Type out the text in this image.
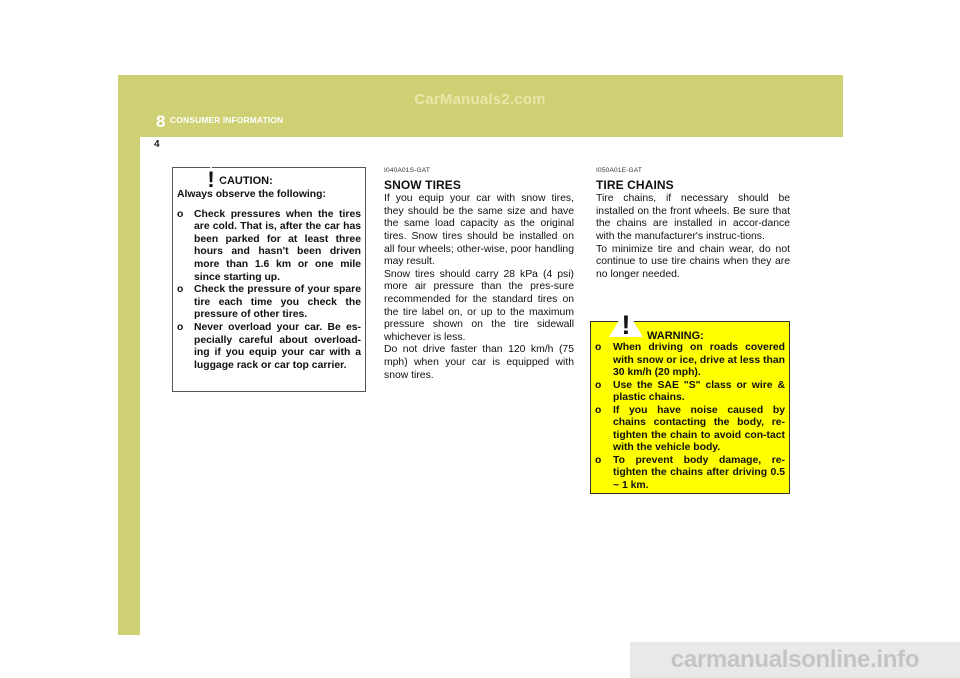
CarManuals2.com
8 CONSUMER INFORMATION
4
! CAUTION:
Always observe the following:
o Check pressures when the tires are cold. That is, after the car has been parked for at least three hours and hasn't been driven more than 1.6 km or one mile since starting up.
o Check the pressure of your spare tire each time you check the pressure of other tires.
o Never overload your car. Be es-pecially careful about overload-ing if you equip your car with a luggage rack or car top carrier.
I040A01S-GAT
SNOW TIRES

If you equip your car with snow tires, they should be the same size and have the same load capacity as the original tires. Snow tires should be installed on all four wheels; other-wise, poor handling may result.

Snow tires should carry 28 kPa (4 psi) more air pressure than the pres-sure recommended for the standard tires on the tire label on, or up to the maximum pressure shown on the tire sidewall whichever is less.

Do not drive faster than 120 km/h (75 mph) when your car is equipped with snow tires.

I050A01E-GAT
TIRE CHAINS

Tire chains, if necessary should be installed on the front wheels. Be sure that the chains are installed in accor-dance with the manufacturer's instruc-tions.

To minimize tire and chain wear, do not continue to use tire chains when they are no longer needed.

!	WARNING:
o When driving on roads covered with snow or ice, drive at less than 30 km/h (20 mph).
o Use the SAE "S" class or wire & plastic chains.
o If you have noise caused by chains contacting the body, re-tighten the chain to avoid con-tact with the vehicle body.
o To prevent body damage, re-tighten the chains after driving 0.5 ~ 1 km.
carmanualsonline.info
